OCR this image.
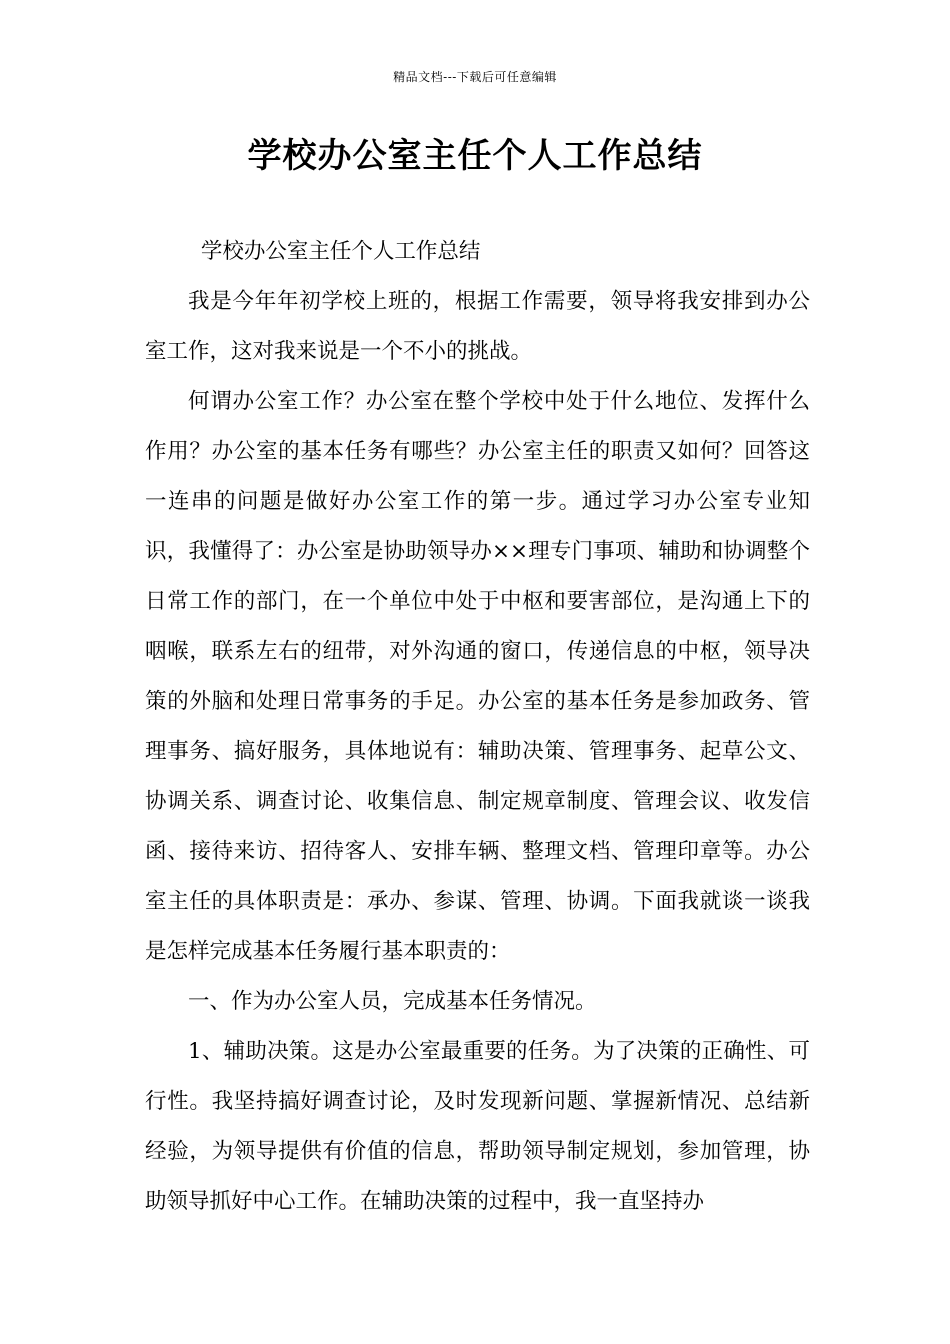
精品文档---下载后可任意编辑
学校办公室主任个人工作总结

学校办公室主任个人工作总结

我是今年年初学校上班的，根据工作需要，领导将我安排到办公室工作，这对我来说是一个不小的挑战。

何谓办公室工作？办公室在整个学校中处于什么地位、发挥什么作用？办公室的基本任务有哪些？办公室主任的职责又如何？回答这一连串的问题是做好办公室工作的第一步。通过学习办公室专业知识，我懂得了：办公室是协助领导办××理专门事项、辅助和协调整个日常工作的部门，在一个单位中处于中枢和要害部位，是沟通上下的咽喉，联系左右的纽带，对外沟通的窗口，传递信息的中枢，领导决策的外脑和处理日常事务的手足。办公室的基本任务是参加政务、管理事务、搞好服务，具体地说有：辅助决策、管理事务、起草公文、协调关系、调查讨论、收集信息、制定规章制度、管理会议、收发信函、接待来访、招待客人、安排车辆、整理文档、管理印章等。办公室主任的具体职责是：承办、参谋、管理、协调。下面我就谈一谈我是怎样完成基本任务履行基本职责的：

一、作为办公室人员，完成基本任务情况。

1、辅助决策。这是办公室最重要的任务。为了决策的正确性、可行性。我坚持搞好调查讨论，及时发现新问题、掌握新情况、总结新经验，为领导提供有价值的信息，帮助领导制定规划，参加管理，协助领导抓好中心工作。在辅助决策的过程中，我一直坚持办
